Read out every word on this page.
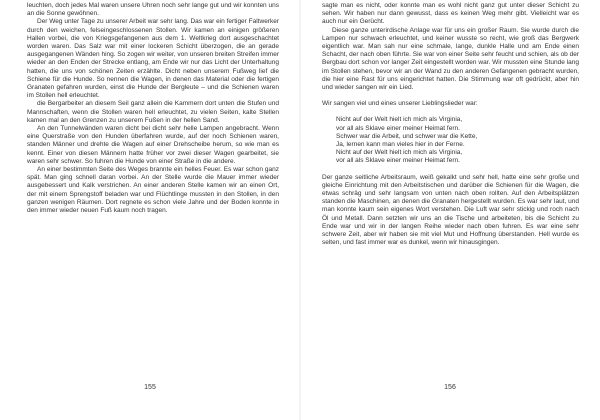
leuchten, doch jedes Mal waren unsere Uhren noch sehr lange gut und wir konnten uns an die Sonne gewöhnen.

Der Weg unter Tage zu unserer Arbeit war sehr lang. Das war ein fertiger Faltwerker durch den weichen, felseingeschlossenen Stollen. Wir kamen an einigen größeren Hallen vorbei, die von Kriegsgefangenen aus dem 1. Weltkrieg dort ausgeschachtet worden waren. Das Salz war mit einer lockeren Schicht überzogen, die an gerade ausgegangenen Wänden hing. So zogen wir weiter, von unseren breiten Streifen immer wieder an den Enden der Strecke entlang, am Ende wir nur das Licht der Unterhaltung hatten, die uns von schönen Zeiten erzählte. Dicht neben unserem Fußweg lief die Schiene für die Hunde. So nennen die Wagen, in denen das Material oder die fertigen Granaten gefahren wurden, einst die Hunde der Bergleute – und die Schienen waren im Stollen hell erleuchtet.

die Bergarbeiter an diesem Seil ganz allein die Kammern dort unten die Stufen und Mannschaften, wenn die Stollen waren hell erleuchtet, zu vielen Seiten, kalte Stellen kamen mal an den Grenzen zu unserem Fußen in der hellen Sand.

An den Tunnelwänden waren dicht bei dicht sehr helle Lampen angebracht. Wenn eine Querstraße von den Hunden überfahren wurde, auf der noch Schienen waren, standen Männer und drehte die Wagen auf einer Drehscheibe herum, so wie man es kennt. Einer von diesen Männern hatte früher vor zwei dieser Wagen gearbeitet, sie waren sehr schwer. So fuhren die Hunde von einer Straße in die andere.

An einer bestimmten Seite des Weges brannte ein helles Feuer. Es war schon ganz spät. Man ging schnell daran vorbei. An der Stelle wurde die Mauer immer wieder ausgebessert und Kalk verstrichen. An einer anderen Stelle kamen wir an einen Ort, der mit einem Sprengstoff beladen war und Flüchtlinge mussten in den Stollen, in den ganzen wenigen Räumen. Dort regnete es schon viele Jahre und der Boden konnte in den immer wieder neuen Fuß kaum noch tragen.

155

sagte man es nicht, oder konnte man es wohl nicht ganz gut unter dieser Schicht zu sehen. Wir haben nur dann gewusst, dass es keinen Weg mehr gibt. Vielleicht war es auch nur ein Gerücht.

Diese ganze unterirdische Anlage war für uns ein großer Raum. Sie wurde durch die Lampen nur schwach erleuchtet, und keiner wusste so recht, wie groß das Bergwerk eigentlich war. Man sah nur eine schmale, lange, dunkle Halle und am Ende einen Schacht, der nach oben führte. Sie war von einer Seite sehr feucht und schien, als ob der Bergbau dort schon vor langer Zeit eingestellt worden war. Wir mussten eine Stunde lang im Stollen stehen, bevor wir an der Wand zu den anderen Gefangenen gebracht wurden, die hier eine Rast für uns eingerichtet hatten. Die Stimmung war oft gedrückt, aber hin und wieder sangen wir ein Lied.

Wir sangen viel und eines unserer Lieblingslieder war:

Nicht auf der Welt hielt ich mich als Virginia,
vor all als Sklave einer meiner Heimat fern.
Schwer war die Arbeit, und schwer war die Kette,
Ja, lernen kann man vieles hier in der Ferne.
Nicht auf der Welt hielt ich mich als Virginia,
vor all als Sklave einer meiner Heimat fern.

Der ganze seitliche Arbeitsraum, weiß gekalkt und sehr hell, hatte eine sehr große und gleiche Einrichtung mit den Arbeitstischen und darüber die Schienen für die Wagen, die etwas schräg und sehr langsam von unten nach oben rollten. Auf den Arbeitsplätzen standen die Maschinen, an denen die Granaten hergestellt wurden. Es war sehr laut, und man konnte kaum sein eigenes Wort verstehen. Die Luft war sehr stickig und roch nach Öl und Metall. Dann setzten wir uns an die Tische und arbeiteten, bis die Schicht zu Ende war und wir in der langen Reihe wieder nach oben fuhren. Es war eine sehr schwere Zeit, aber wir haben sie mit viel Mut und Hoffnung überstanden. Hell wurde es selten, und fast immer war es dunkel, wenn wir hinausgingen.

156
